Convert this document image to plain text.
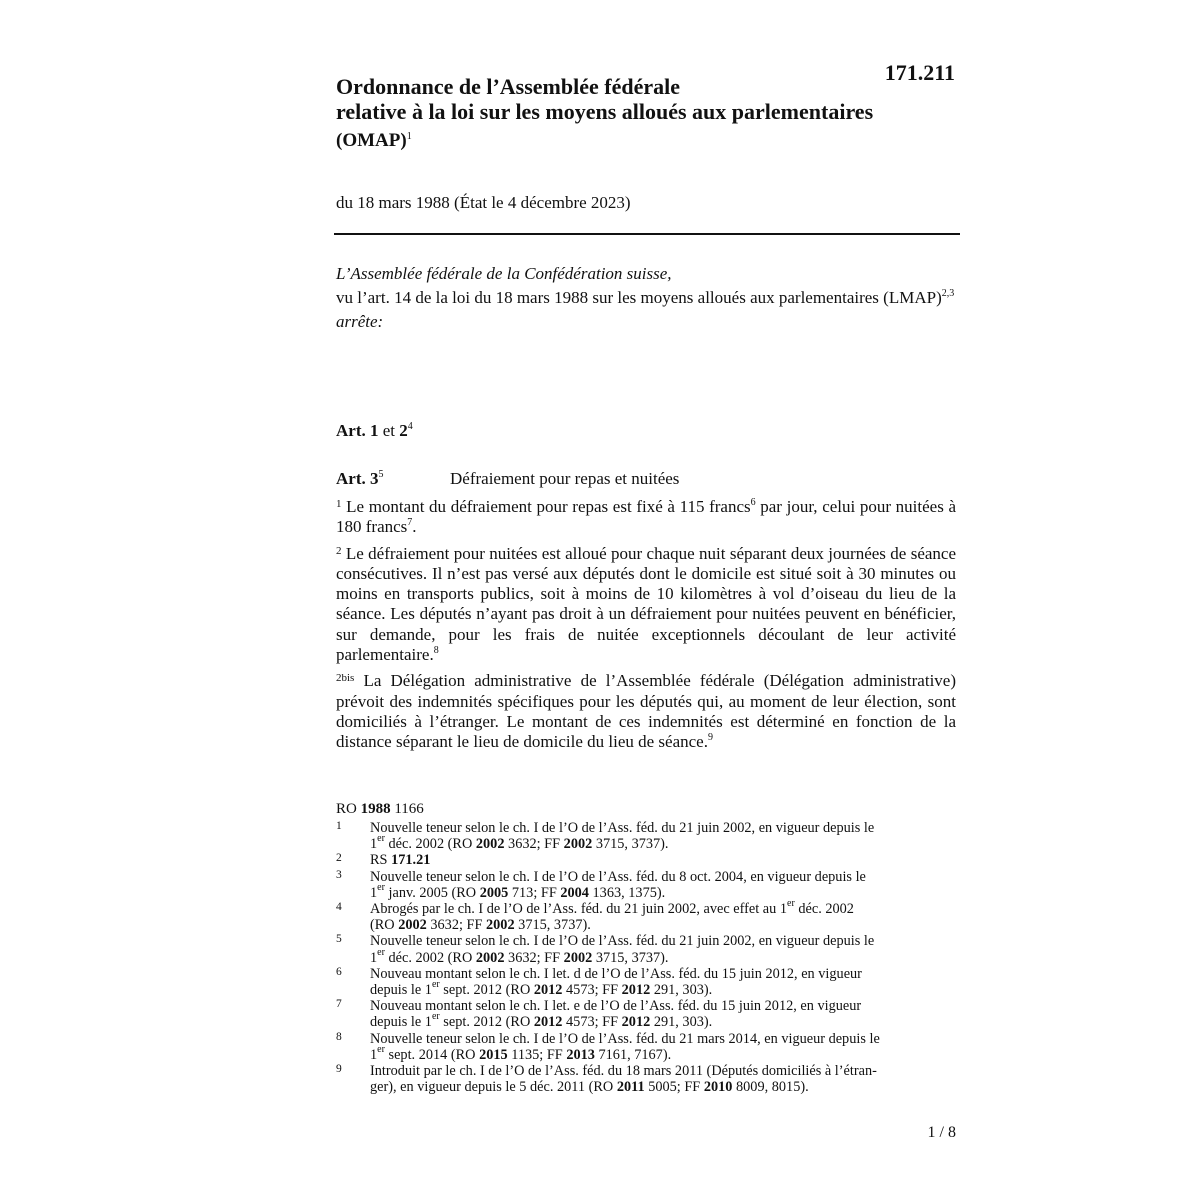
171.211
Ordonnance de l’Assemblée fédérale
relative à la loi sur les moyens alloués aux parlementaires
(OMAP)$^1$
du 18 mars 1988 (État le 4 décembre 2023)

L’Assemblée fédérale de la Confédération suisse,

vu l’art. 14 de la loi du 18 mars 1988 sur les moyens alloués aux parlementaires (LMAP)$^{2,3}$

arrête:

Art. 1 et $2^4$
Art. $3^5$	Défraiement pour repas et nuitées

$^1$ Le montant du défraiement pour repas est fixé à 115 francs$^6$ par jour, celui pour nuitées à 180 francs$^7$.

$^2$ Le défraiement pour nuitées est alloué pour chaque nuit séparant deux journées de séance consécutives. Il n’est pas versé aux députés dont le domicile est situé soit à 30 minutes ou moins en transports publics, soit à moins de 10 kilomètres à vol d’oiseau du lieu de la séance. Les députés n’ayant pas droit à un défraiement pour nuitées peuvent en bénéficier, sur demande, pour les frais de nuitée exceptionnels découlant de leur activité parlementaire.$^8$

$^{2bis}$ La Délégation administrative de l’Assemblée fédérale (Délégation administrative) prévoit des indemnités spécifiques pour les députés qui, au moment de leur élection, sont domiciliés à l’étranger. Le montant de ces indemnités est déterminé en fonction de la distance séparant le lieu de domicile du lieu de séance.$^9$

RO 1988 1166
1 Nouvelle teneur selon le ch. I de l’O de l’Ass. féd. du 21 juin 2002, en vigueur depuis le
1er déc. 2002 (RO 2002 3632; FF 2002 3715, 3737).
2 RS 171.21
3 Nouvelle teneur selon le ch. I de l’O de l’Ass. féd. du 8 oct. 2004, en vigueur depuis le
1er janv. 2005 (RO 2005 713; FF 2004 1363, 1375).
4 Abrogés par le ch. I de l’O de l’Ass. féd. du 21 juin 2002, avec effet au 1er déc. 2002
(RO 2002 3632; FF 2002 3715, 3737).
5 Nouvelle teneur selon le ch. I de l’O de l’Ass. féd. du 21 juin 2002, en vigueur depuis le
1er déc. 2002 (RO 2002 3632; FF 2002 3715, 3737).
6 Nouveau montant selon le ch. I let. d de l’O de l’Ass. féd. du 15 juin 2012, en vigueur
depuis le 1er sept. 2012 (RO 2012 4573; FF 2012 291, 303).
7 Nouveau montant selon le ch. I let. e de l’O de l’Ass. féd. du 15 juin 2012, en vigueur
depuis le 1er sept. 2012 (RO 2012 4573; FF 2012 291, 303).
8 Nouvelle teneur selon le ch. I de l’O de l’Ass. féd. du 21 mars 2014, en vigueur depuis le
1er sept. 2014 (RO 2015 1135; FF 2013 7161, 7167).
9 Introduit par le ch. I de l’O de l’Ass. féd. du 18 mars 2011 (Députés domiciliés à l’étran-
ger), en vigueur depuis le 5 déc. 2011 (RO 2011 5005; FF 2010 8009, 8015).
1 / 8
